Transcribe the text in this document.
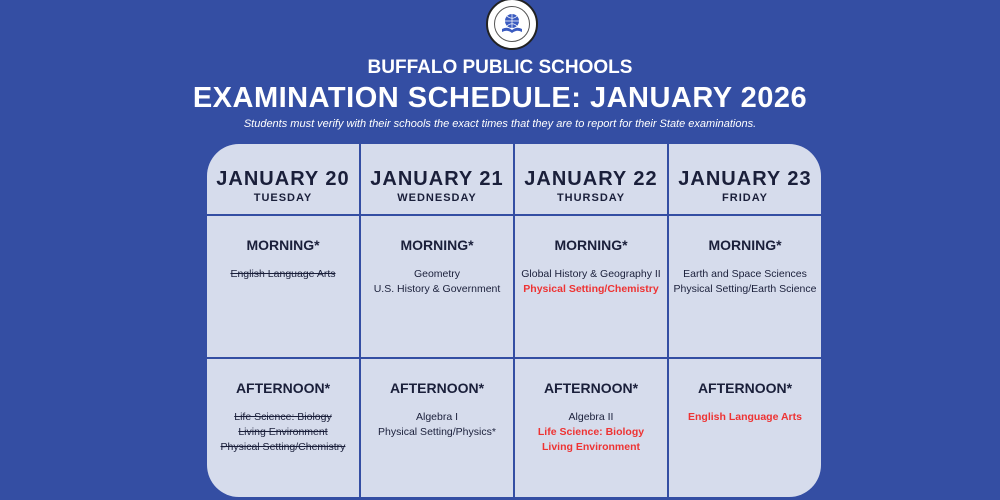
BUFFALO PUBLIC SCHOOLS
EXAMINATION SCHEDULE: JANUARY 2026
Students must verify with their schools the exact times that they are to report for their State examinations.
JANUARY 20
TUESDAY
MORNING*
English Language Arts
AFTERNOON*
Life Science: Biology
Living Environment
Physical Setting/Chemistry
JANUARY 21
WEDNESDAY
MORNING*
Geometry
U.S. History & Government
AFTERNOON*
Algebra I
Physical Setting/Physics*
JANUARY 22
THURSDAY
MORNING*
Global History & Geography II
Physical Setting/Chemistry
AFTERNOON*
Algebra II
Life Science: Biology
Living Environment
JANUARY 23
FRIDAY
MORNING*
Earth and Space Sciences
Physical Setting/Earth Science
AFTERNOON*
English Language Arts
